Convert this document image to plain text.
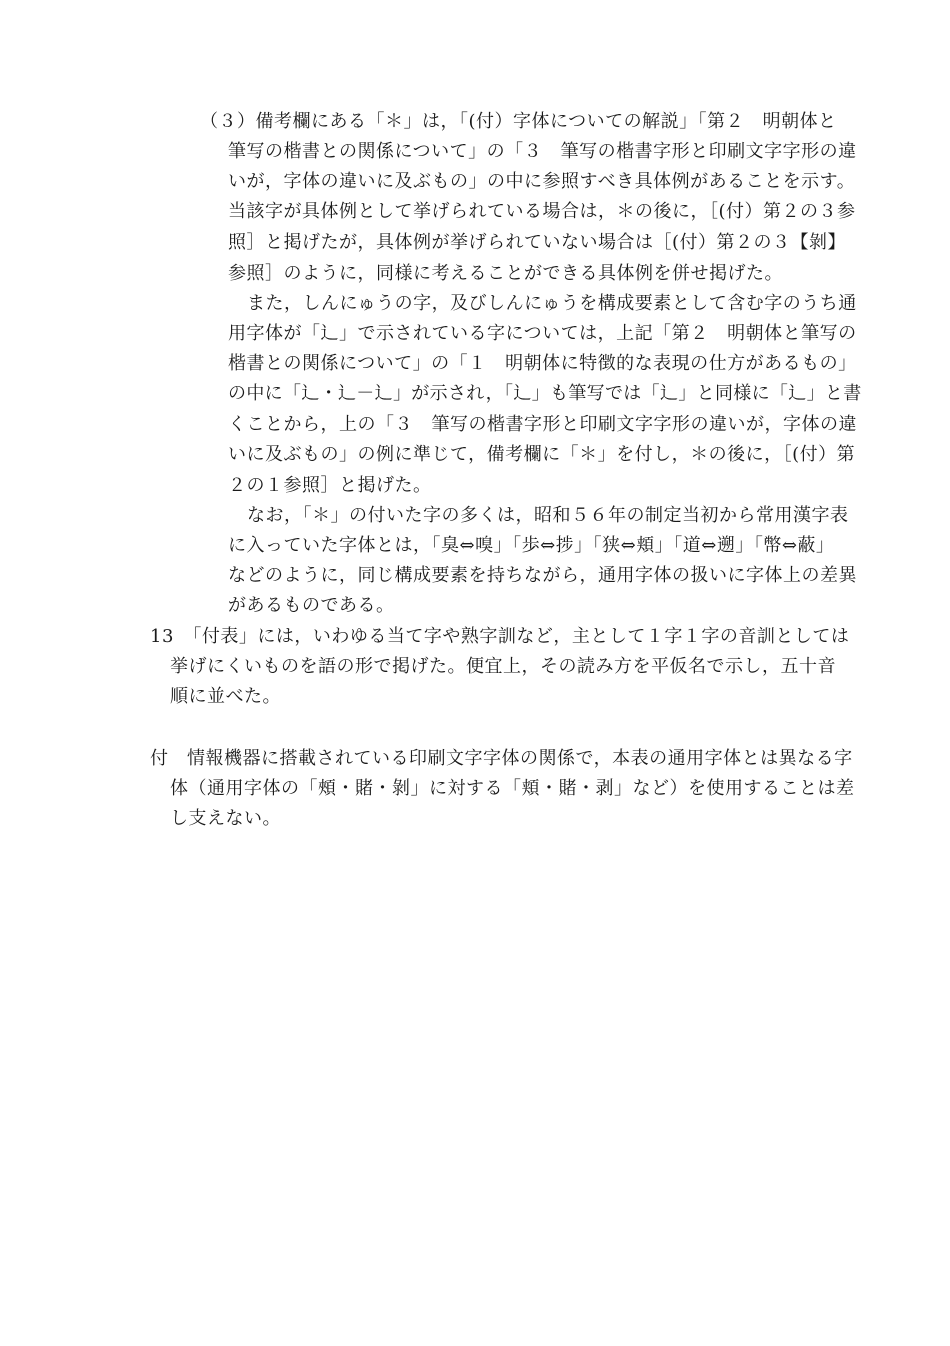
（３）備考欄にある「＊」は，「(付）字体についての解説」「第２　明朝体と
筆写の楷書との関係について」の「３　筆写の楷書字形と印刷文字字形の違
いが，字体の違いに及ぶもの」の中に参照すべき具体例があることを示す。
当該字が具体例として挙げられている場合は，＊の後に，［(付）第２の３参
照］と掲げたが，具体例が挙げられていない場合は［(付）第２の３【剝】
参照］のように，同様に考えることができる具体例を併せ掲げた。
また，しんにゅうの字，及びしんにゅうを構成要素として含む字のうち通
用字体が「辶」で示されている字については，上記「第２　明朝体と筆写の
楷書との関係について」の「１　明朝体に特徴的な表現の仕方があるもの」
の中に「辶・辶－⻌」が示され，「辶」も筆写では「辶」と同様に「⻌」と書
くことから，上の「３　筆写の楷書字形と印刷文字字形の違いが，字体の違
いに及ぶもの」の例に準じて，備考欄に「＊」を付し，＊の後に，［(付）第
２の１参照］と掲げた。
なお，「＊」の付いた字の多くは，昭和５６年の制定当初から常用漢字表
に入っていた字体とは，「臭⇔嗅」「歩⇔捗」「狭⇔頬」「道⇔遡」「幣⇔蔽」
などのように，同じ構成要素を持ちながら，通用字体の扱いに字体上の差異
があるものである。
13　「付表」には，いわゆる当て字や熟字訓など，主として１字１字の音訓としては
挙げにくいものを語の形で掲げた。便宜上，その読み方を平仮名で示し，五十音
順に並べた。
付　情報機器に搭載されている印刷文字字体の関係で，本表の通用字体とは異なる字
体（通用字体の「頰・賭・剝」に対する「頬・賭・剥」など）を使用することは差
し支えない。
